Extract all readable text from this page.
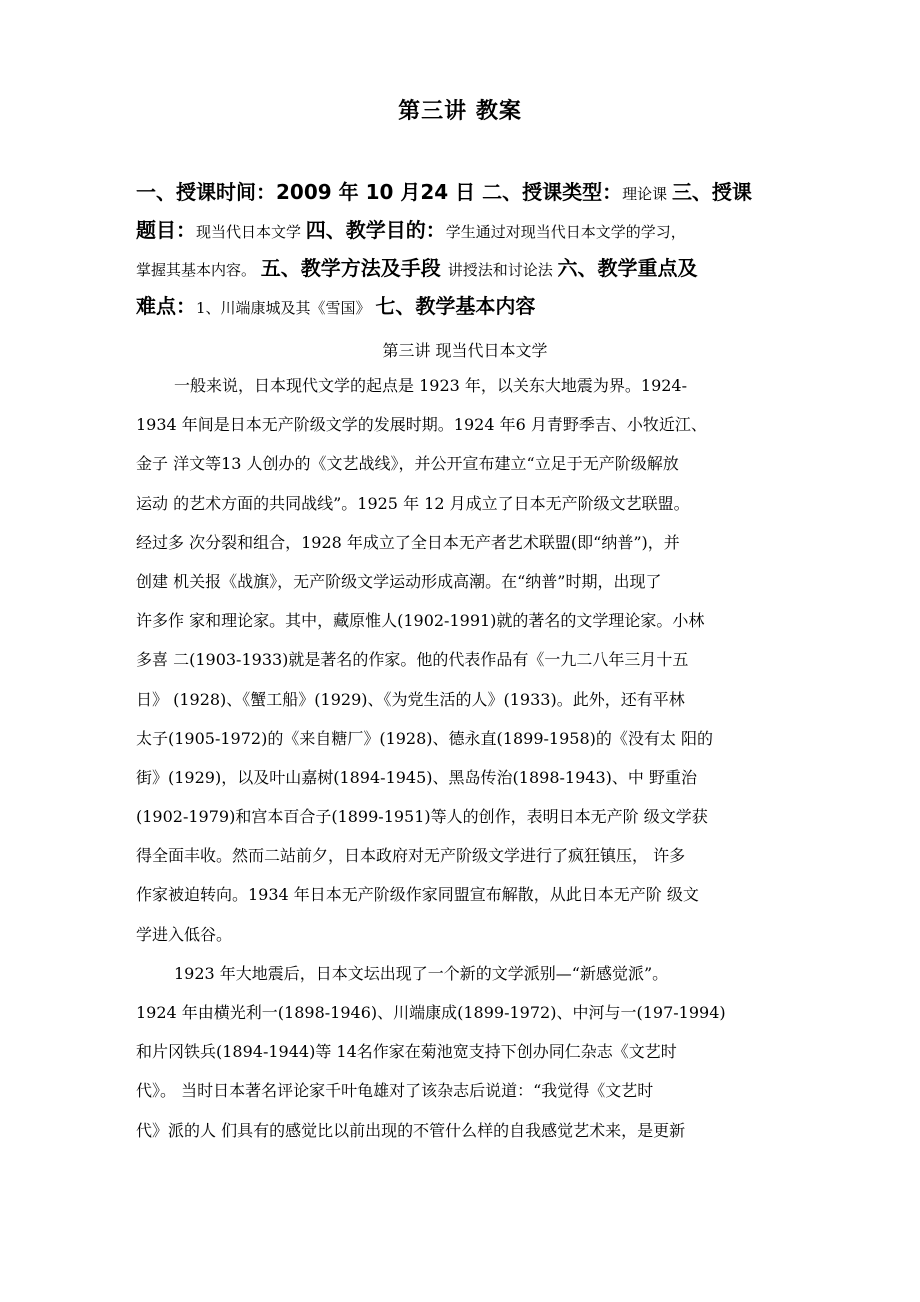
第三讲 教案
一、授课时间：2009 年 10 月24 日 二、授课类型：理论课 三、授课
题目：现当代日本文学 四、教学目的：学生通过对现当代日本文学的学习，
掌握其基本内容。 五、教学方法及手段 讲授法和讨论法 六、教学重点及
难点：1、川端康城及其《雪国》 七、教学基本内容
第三讲 现当代日本文学
一般来说，日本现代文学的起点是 1923 年，以关东大地震为界。1924-
1934 年间是日本无产阶级文学的发展时期。1924 年6 月青野季吉、小牧近江、
金子 洋文等13 人创办的《文艺战线》，并公开宣布建立“立足于无产阶级解放
运动 的艺术方面的共同战线”。1925 年 12 月成立了日本无产阶级文艺联盟。
经过多 次分裂和组合，1928 年成立了全日本无产者艺术联盟(即“纳普”)，并
创建 机关报《战旗》，无产阶级文学运动形成高潮。在“纳普”时期，出现了
许多作 家和理论家。其中，藏原惟人(1902-1991)就的著名的文学理论家。小林
多喜 二(1903-1933)就是著名的作家。他的代表作品有《一九二八年三月十五
日》 (1928)、《蟹工船》(1929)、《为党生活的人》(1933)。此外，还有平林
太子(1905-1972)的《来自糖厂》(1928)、德永直(1899-1958)的《没有太 阳的
街》(1929)，以及叶山嘉树(1894-1945)、黑岛传治(1898-1943)、中 野重治
(1902-1979)和宫本百合子(1899-1951)等人的创作，表明日本无产阶 级文学获
得全面丰收。然而二站前夕，日本政府对无产阶级文学进行了疯狂镇压， 许多
作家被迫转向。1934 年日本无产阶级作家同盟宣布解散，从此日本无产阶 级文
学进入低谷。
1923 年大地震后，日本文坛出现了一个新的文学派别—“新感觉派”。
1924 年由横光利一(1898-1946)、川端康成(1899-1972)、中河与一(197-1994)
和片冈铁兵(1894-1944)等 14名作家在菊池宽支持下创办同仁杂志《文艺时
代》。 当时日本著名评论家千叶龟雄对了该杂志后说道：“我觉得《文艺时
代》派的人 们具有的感觉比以前出现的不管什么样的自我感觉艺术来，是更新
